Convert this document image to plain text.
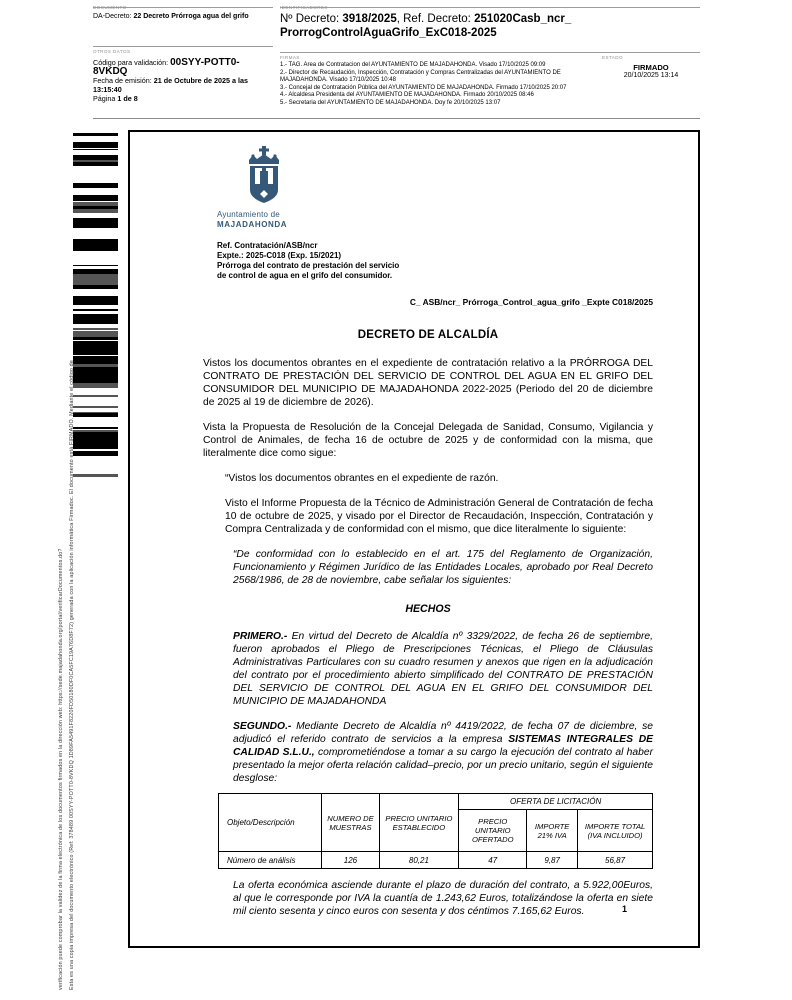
DOCUMENTO
DA-Decreto: 22 Decreto Prórroga agua del grifo
OTROS DATOS
Código para validación: 00SYY-POTT0-8VKDQ
Fecha de emisión: 21 de Octubre de 2025 a las 13:15:40
Página 1 de 8
IDENTIFICADORES
Nº Decreto: 3918/2025, Ref. Decreto: 251020Casb_ncr_
ProrrogControlAguaGrifo_ExC018-2025
FIRMAS
1.- TAG. Area de Contratacion del AYUNTAMIENTO DE MAJADAHONDA. Visado 17/10/2025 09:09
2.- Director de Recaudación, Inspección, Contratación y Compras Centralizadas del AYUNTAMIENTO DE MAJADAHONDA. Visado 17/10/2025 10:48
3.- Concejal de Contratación Pública del AYUNTAMIENTO DE MAJADAHONDA. Firmado 17/10/2025 20:07
4.- Alcaldesa Presidenta del AYUNTAMIENTO DE MAJADAHONDA. Firmado 20/10/2025 08:46
5.- Secretaria del AYUNTAMIENTO DE MAJADAHONDA. Doy fe 20/10/2025 13:07
ESTADO
FIRMADO
20/10/2025 13:14
Esta es una copia impresa del documento electrónico (Ref: 378489 00SYY-POTT0-8VKDQ 1D89FA5491F8220FD50180DF0CA5FC19A76D8F72) generada con la aplicación informática Firmadoc. El documento está FIRMADO. Mediante el código de
verificación puede comprobar la validez de la firma electrónica de los documentos firmados en la dirección web: https://sede.majadahonda.org/portal/verificarDocumentos.do?
Ayuntamiento de
MAJADAHONDA
Ref. Contratación/ASB/ncr
Expte.: 2025-C018 (Exp. 15/2021)
Prórroga del contrato de prestación del servicio
de control de agua en el grifo del consumidor.
C_ ASB/ncr_ Prórroga_Control_agua_grifo _Expte C018/2025
DECRETO DE ALCALDÍA

Vistos los documentos obrantes en el expediente de contratación relativo a la PRÓRROGA DEL CONTRATO DE PRESTACIÓN DEL SERVICIO DE CONTROL DEL AGUA EN EL GRIFO DEL CONSUMIDOR DEL MUNICIPIO DE MAJADAHONDA 2022-2025 (Periodo del 20 de diciembre de 2025 al 19 de diciembre de 2026).

Vista la Propuesta de Resolución de la Concejal Delegada de Sanidad, Consumo, Vigilancia y Control de Animales, de fecha 16 de octubre de 2025 y de conformidad con la misma, que literalmente dice como sigue:

“Vistos los documentos obrantes en el expediente de razón.

Visto el Informe Propuesta de la Técnico de Administración General de Contratación de fecha 10 de octubre de 2025, y visado por el Director de Recaudación, Inspección, Contratación y Compra Centralizada y de conformidad con el mismo, que dice literalmente lo siguiente:

“De conformidad con lo establecido en el art. 175 del Reglamento de Organización, Funcionamiento y Régimen Jurídico de las Entidades Locales, aprobado por Real Decreto 2568/1986, de 28 de noviembre, cabe señalar los siguientes:

HECHOS

PRIMERO.- En virtud del Decreto de Alcaldía nº 3329/2022, de fecha 26 de septiembre, fueron aprobados el Pliego de Prescripciones Técnicas, el Pliego de Cláusulas Administrativas Particulares con su cuadro resumen y anexos que rigen en la adjudicación del contrato por el procedimiento abierto simplificado del CONTRATO DE PRESTACIÓN DEL SERVICIO DE CONTROL DEL AGUA EN EL GRIFO DEL CONSUMIDOR DEL MUNICIPIO DE MAJADAHONDA

SEGUNDO.- Mediante Decreto de Alcaldía nº 4419/2022, de fecha 07 de diciembre, se adjudicó el referido contrato de servicios a la empresa SISTEMAS INTEGRALES DE CALIDAD S.L.U., comprometiéndose a tomar a su cargo la ejecución del contrato al haber presentado la mejor oferta relación calidad–precio, por un precio unitario, según el siguiente desglose:

Objeto/Descripción	NUMERO DE MUESTRAS	PRECIO UNITARIO ESTABLECIDO	OFERTA DE LICITACIÓN		
			PRECIO UNITARIO OFERTADO	IMPORTE 21% IVA	IMPORTE TOTAL (IVA INCLUIDO)
Número de análisis	126	80,21	47	9,87	56,87

La oferta económica asciende durante el plazo de duración del contrato, a 5.922,00Euros, al que le corresponde por IVA la cuantía de 1.243,62 Euros, totalizándose la oferta en siete mil ciento sesenta y cinco euros con sesenta y dos céntimos 7.165,62 Euros.	1
